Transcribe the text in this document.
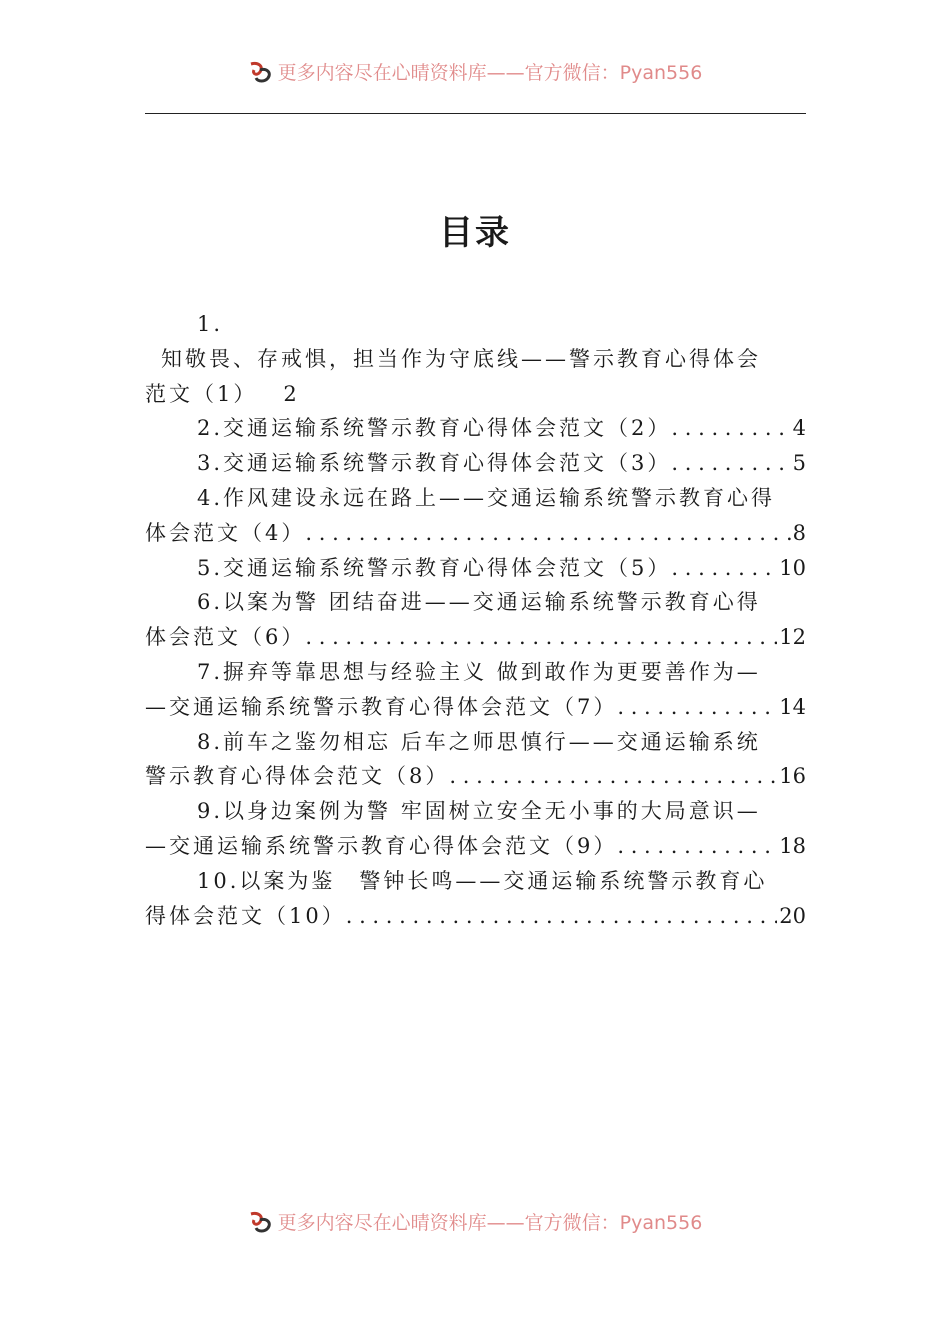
更多内容尽在心晴资料库——官方微信：Pyan556
目录
1.
知敬畏、存戒惧，担当作为守底线——警示教育心得体会
范文（1）	2
2.交通运输系统警示教育心得体会范文（2） . . .	4
3.交通运输系统警示教育心得体会范文（3） . . .	5
4.作风建设永远在路上——交通运输系统警示教育心得
体会范文（4） . . .	8
5.交通运输系统警示教育心得体会范文（5） . . .	10
6.以案为警 团结奋进——交通运输系统警示教育心得
体会范文（6） . . .	12
7.摒弃等靠思想与经验主义 做到敢作为更要善作为—
—交通运输系统警示教育心得体会范文（7） . . .	14
8.前车之鉴勿相忘 后车之师思慎行——交通运输系统
警示教育心得体会范文（8） . . .	16
9.以身边案例为警 牢固树立安全无小事的大局意识—
—交通运输系统警示教育心得体会范文（9） . . .	18
10.以案为鉴　警钟长鸣——交通运输系统警示教育心
得体会范文（10） . . .	20
更多内容尽在心晴资料库——官方微信：Pyan556
